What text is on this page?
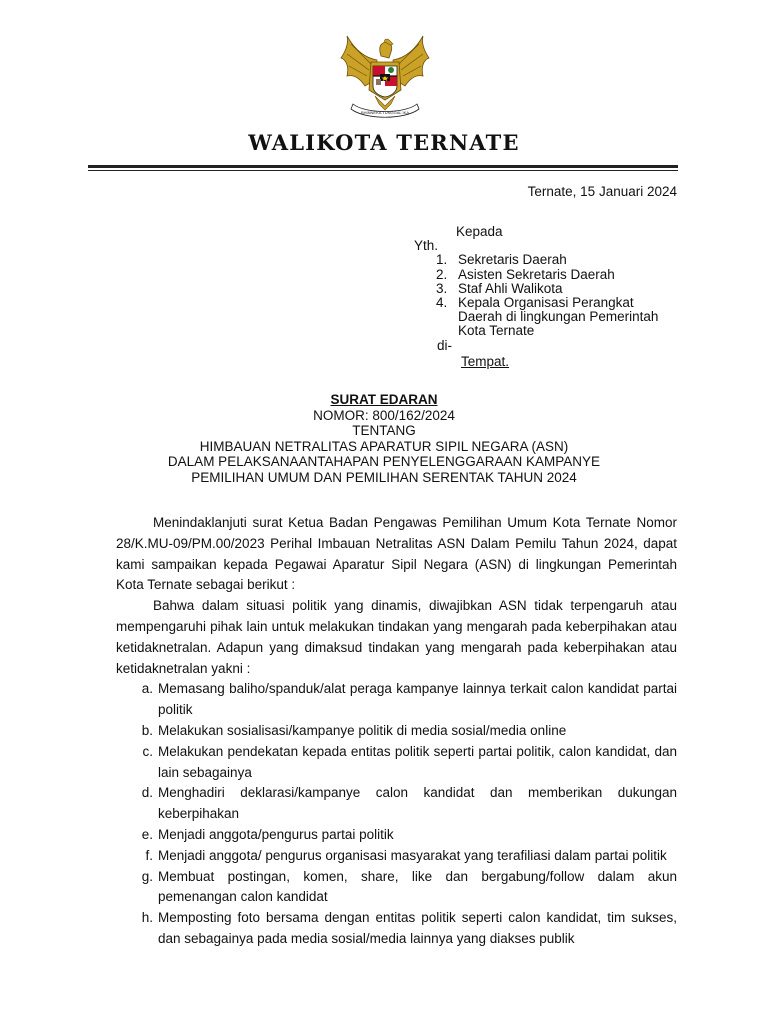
BHINNEKA TUNGGAL IKA
WALIKOTA TERNATE
Ternate, 15 Januari 2024
Kepada
Yth.
1. Sekretaris Daerah
2. Asisten Sekretaris Daerah
3. Staf Ahli Walikota
4. Kepala Organisasi Perangkat
Daerah di lingkungan Pemerintah
Kota Ternate
di-
Tempat.
SURAT EDARAN
NOMOR: 800/162/2024
TENTANG
HIMBAUAN NETRALITAS APARATUR SIPIL NEGARA (ASN)
DALAM PELAKSANAANTAHAPAN PENYELENGGARAAN KAMPANYE
PEMILIHAN UMUM DAN PEMILIHAN SERENTAK TAHUN 2024

Menindaklanjuti surat Ketua Badan Pengawas Pemilihan Umum Kota Ternate Nomor 28/K.MU-09/PM.00/2023 Perihal Imbauan Netralitas ASN Dalam Pemilu Tahun 2024, dapat kami sampaikan kepada Pegawai Aparatur Sipil Negara (ASN) di lingkungan Pemerintah Kota Ternate sebagai berikut :

Bahwa dalam situasi politik yang dinamis, diwajibkan ASN tidak terpengaruh atau mempengaruhi pihak lain untuk melakukan tindakan yang mengarah pada keberpihakan atau ketidaknetralan. Adapun yang dimaksud tindakan yang mengarah pada keberpihakan atau ketidaknetralan yakni :

a. Memasang baliho/spanduk/alat peraga kampanye lainnya terkait calon kandidat partai politik
b. Melakukan sosialisasi/kampanye politik di media sosial/media online
c. Melakukan pendekatan kepada entitas politik seperti partai politik, calon kandidat, dan lain sebagainya
d. Menghadiri deklarasi/kampanye calon kandidat dan memberikan dukungan keberpihakan
e. Menjadi anggota/pengurus partai politik
f. Menjadi anggota/ pengurus organisasi masyarakat yang terafiliasi dalam partai politik
g. Membuat postingan, komen, share, like dan bergabung/follow dalam akun pemenangan calon kandidat
h. Memposting foto bersama dengan entitas politik seperti calon kandidat, tim sukses, dan sebagainya pada media sosial/media lainnya yang diakses publik
